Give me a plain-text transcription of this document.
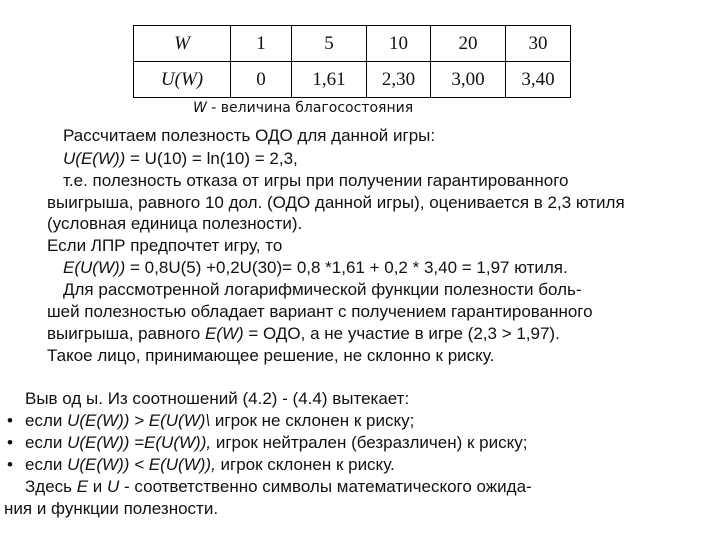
W	1	5	10	20	30
U(W)	0	1,61	2,30	3,00	3,40
W - величина благосостояния
Рассчитаем полезность ОДО для данной игры:
U(E(W)) = U(10) = ln(10) = 2,3,
т.е. полезность отказа от игры при получении гарантированного
выигрыша, равного 10 дол. (ОДО данной игры), оценивается в 2,3 ютиля
(условная единица полезности).
Если ЛПР предпочтет игру, то
E(U(W)) = 0,8U(5) +0,2U(30)= 0,8 *1,61 + 0,2 * 3,40 = 1,97 ютиля.
Для рассмотренной логарифмической функции полезности боль-
шей полезностью обладает вариант с получением гарантированного
выигрыша, равного E(W) = ОДО, а не участие в игре (2,3 > 1,97).
Такое лицо, принимающее решение, не склонно к риску.
Выв од ы. Из соотношений (4.2) - (4.4) вытекает:
• если U(E(W)) > E(U(W)\ игрок не склонен к риску;
• если U(E(W)) =E(U(W)), игрок нейтрален (безразличен) к риску;
• если U(E(W)) < E(U(W)), игрок склонен к риску.
Здесь E и U - соответственно символы математического ожида-
ния и функции полезности.
